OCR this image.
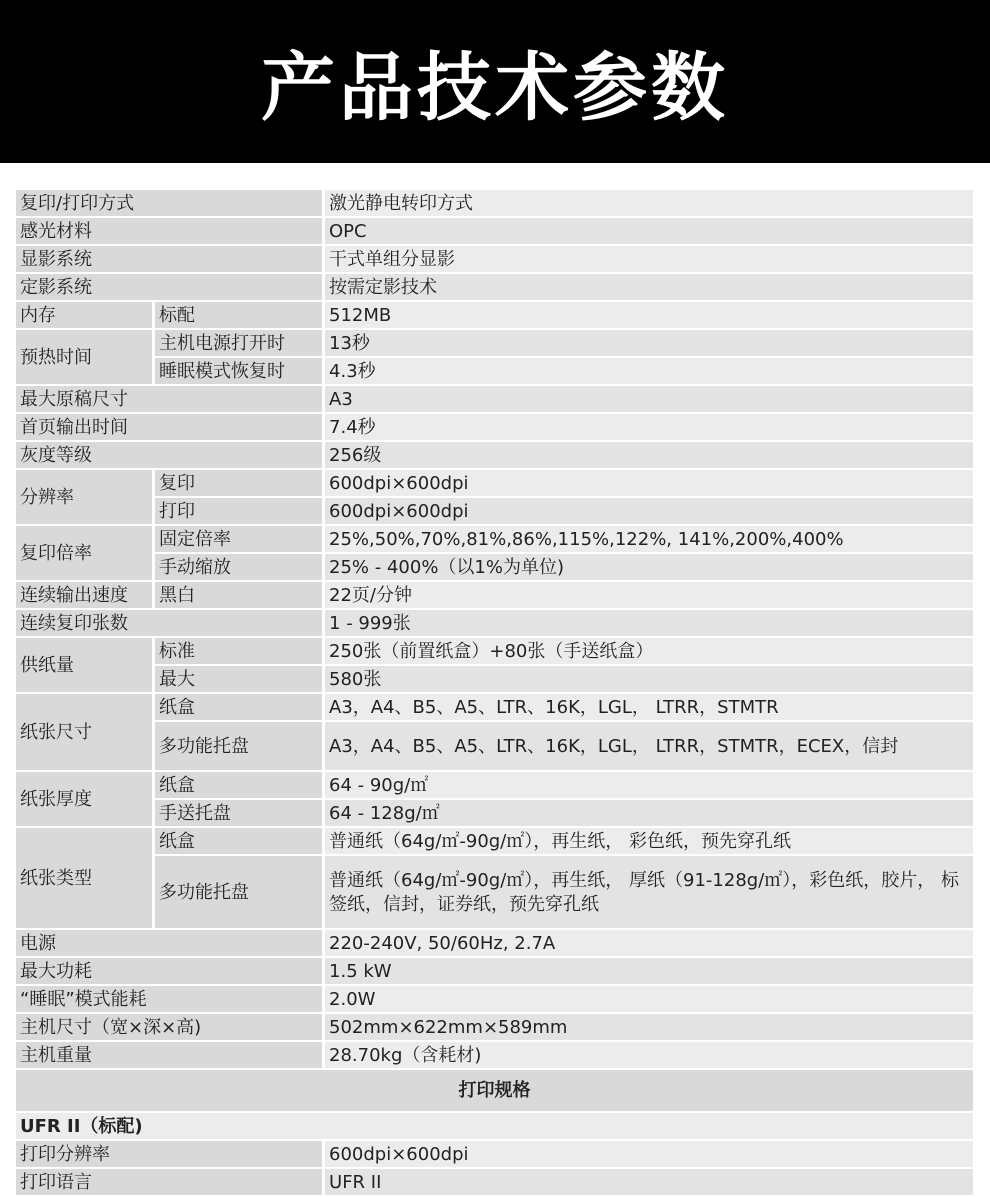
产品技术参数
复印/打印方式		激光静电转印方式
感光材料		OPC
显影系统		干式单组分显影
定影系统		按需定影技术
内存	标配	512MB
预热时间	主机电源打开时	13秒
	睡眠模式恢复时	4.3秒
最大原稿尺寸		A3
首页输出时间		7.4秒
灰度等级		256级
分辨率	复印	600dpi×600dpi
	打印	600dpi×600dpi
复印倍率	固定倍率	25%,50%,70%,81%,86%,115%,122%, 141%,200%,400%
	手动缩放	25% - 400%（以1%为单位)
连续输出速度	黑白	22页/分钟
连续复印张数		1 - 999张
供纸量	标准	250张（前置纸盒）+80张（手送纸盒）
	最大	580张
纸张尺寸	纸盒	A3，A4、B5、A5、LTR、16K，LGL， LTRR，STMTR
	多功能托盘	A3，A4、B5、A5、LTR、16K，LGL， LTRR，STMTR，ECEX，信封
纸张厚度	纸盒	64 - 90g/㎡
	手送托盘	64 - 128g/㎡
纸张类型	纸盒	普通纸（64g/㎡-90g/㎡），再生纸， 彩色纸，预先穿孔纸
	多功能托盘	普通纸（64g/㎡-90g/㎡），再生纸， 厚纸（91-128g/㎡），彩色纸，胶片， 标签纸，信封，证券纸，预先穿孔纸
电源		220-240V, 50/60Hz, 2.7A
最大功耗		1.5 kW
“睡眠”模式能耗		2.0W
主机尺寸（宽×深×高)		502mm×622mm×589mm
主机重量		28.70kg（含耗材)
打印规格		
UFR II（标配)		
打印分辨率		600dpi×600dpi
打印语言		UFR II
